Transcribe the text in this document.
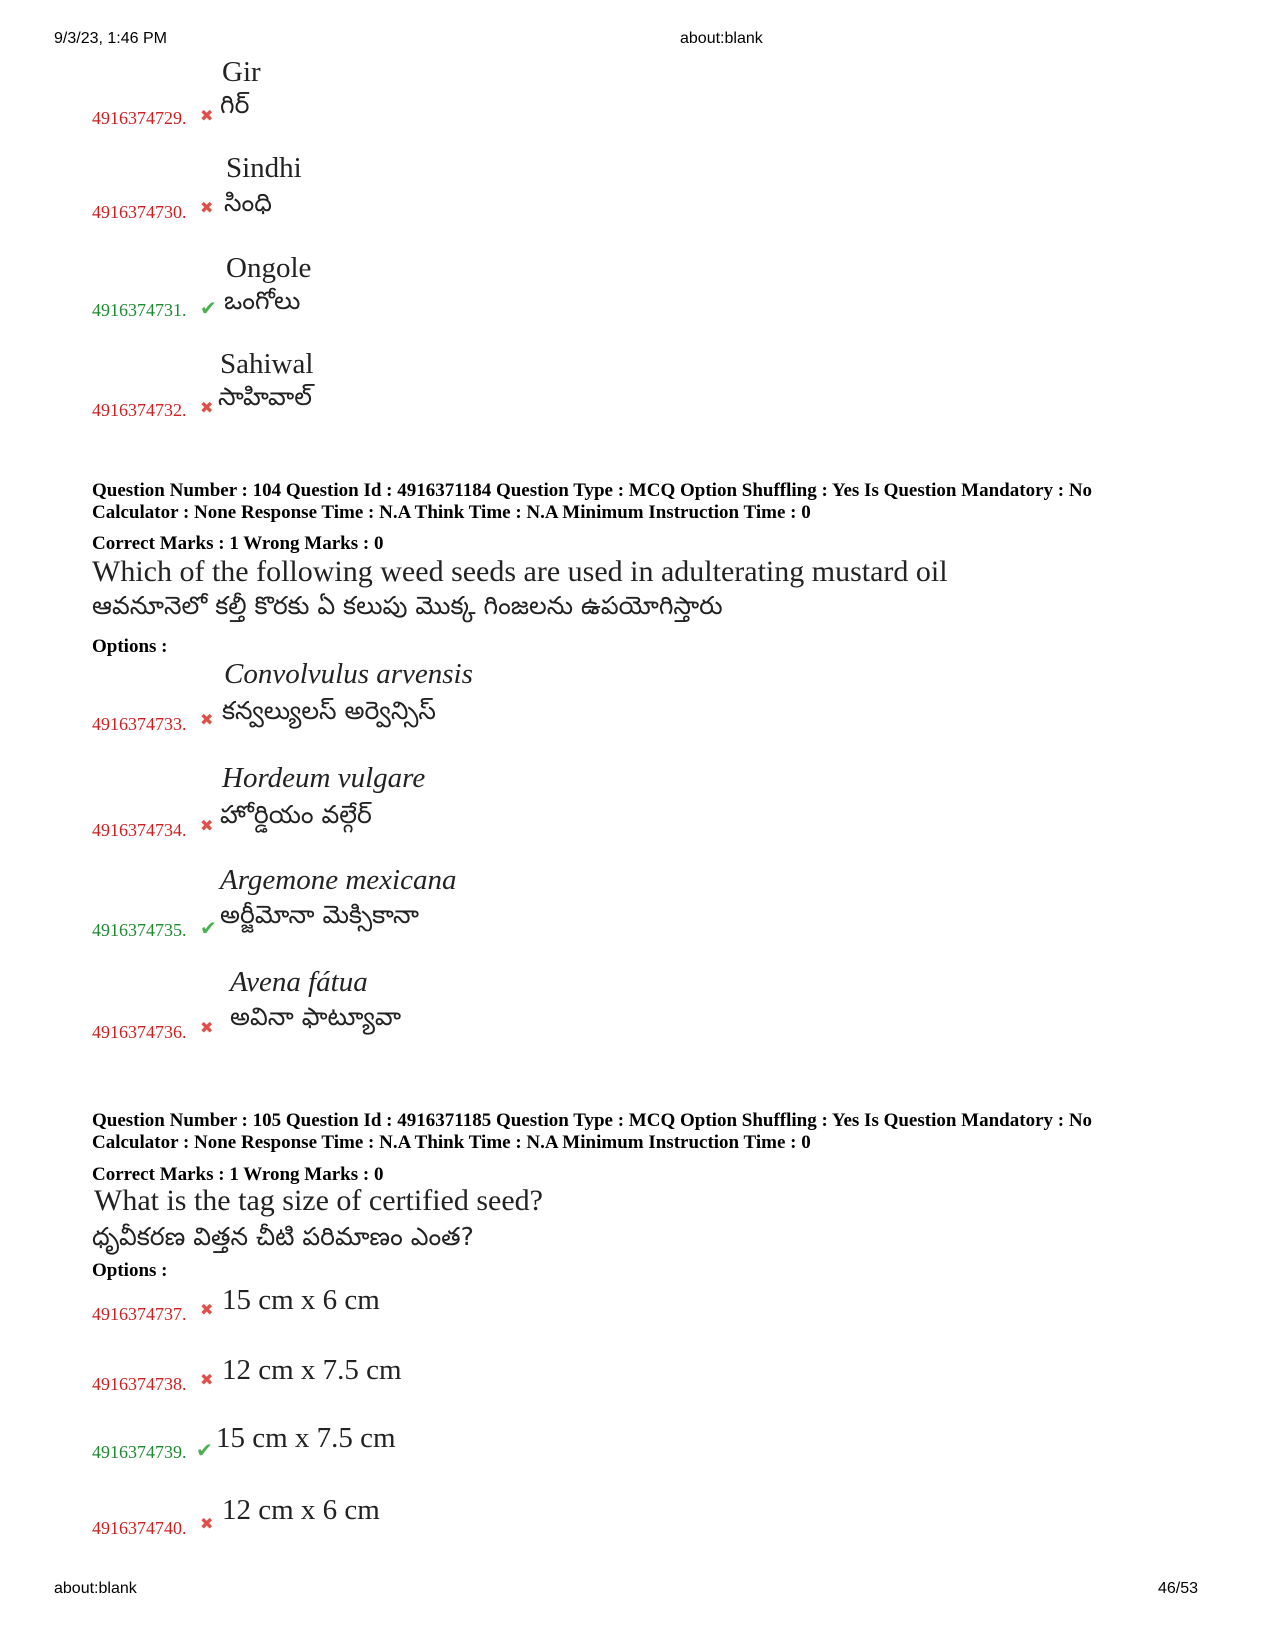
9/3/23, 1:46 PM	about:blank
Gir
గిర్
4916374729. ✖
Sindhi
సింధి
4916374730. ✖
Ongole
ఒంగోలు
4916374731. ✔
Sahiwal
సాహివాల్
4916374732. ✖
Question Number : 104 Question Id : 4916371184 Question Type : MCQ Option Shuffling : Yes Is Question Mandatory : No
Calculator : None Response Time : N.A Think Time : N.A Minimum Instruction Time : 0
Correct Marks : 1 Wrong Marks : 0
Which of the following weed seeds are used in adulterating mustard oil
ఆవనూనెలో కల్తీ కొరకు ఏ కలుపు మొక్క గింజలను ఉపయోగిస్తారు
Options :
Convolvulus arvensis
కన్వల్యులస్ అర్వెన్సిస్
4916374733. ✖
Hordeum vulgare
హోర్డియం వల్గేర్
4916374734. ✖
Argemone mexicana
అర్జీమోనా మెక్సికానా
4916374735. ✔
Avena fátua
అవినా ఫాట్యూవా
4916374736. ✖
Question Number : 105 Question Id : 4916371185 Question Type : MCQ Option Shuffling : Yes Is Question Mandatory : No
Calculator : None Response Time : N.A Think Time : N.A Minimum Instruction Time : 0
Correct Marks : 1 Wrong Marks : 0
What is the tag size of certified seed?
ధృవీకరణ విత్తన చీటి పరిమాణం ఎంత?
Options :
15 cm x 6 cm
4916374737. ✖
12 cm x 7.5 cm
4916374738. ✖
15 cm x 7.5 cm
4916374739. ✔
12 cm x 6 cm
4916374740. ✖
about:blank	46/53
